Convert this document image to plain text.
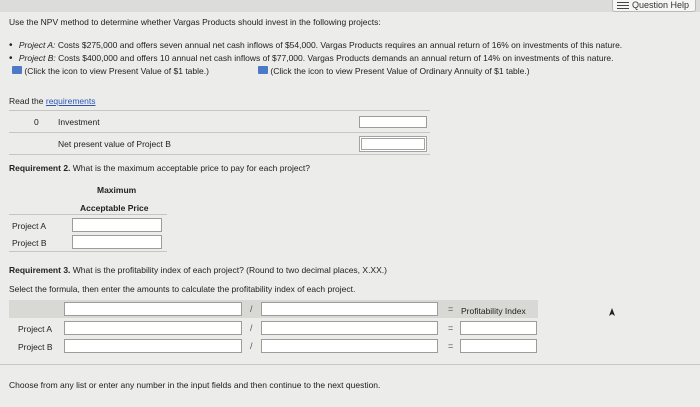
Question Help
Use the NPV method to determine whether Vargas Products should invest in the following projects:
• Project A: Costs $275,000 and offers seven annual net cash inflows of $54,000. Vargas Products requires an annual return of 16% on investments of this nature.
• Project B: Costs $400,000 and offers 10 annual net cash inflows of $77,000. Vargas Products demands an annual return of 14% on investments of this nature.
(Click the icon to view Present Value of $1 table.)	(Click the icon to view Present Value of Ordinary Annuity of $1 table.)
Read the requirements
0 Investment
Net present value of Project B
Requirement 2. What is the maximum acceptable price to pay for each project?
Maximum
Acceptable Price
Project A
Project B
Requirement 3. What is the profitability index of each project? (Round to two decimal places, X.XX.)
Select the formula, then enter the amounts to calculate the profitability index of each project.
/	= Profitability Index
Project A	/	=
Project B	/	=
Choose from any list or enter any number in the input fields and then continue to the next question.
